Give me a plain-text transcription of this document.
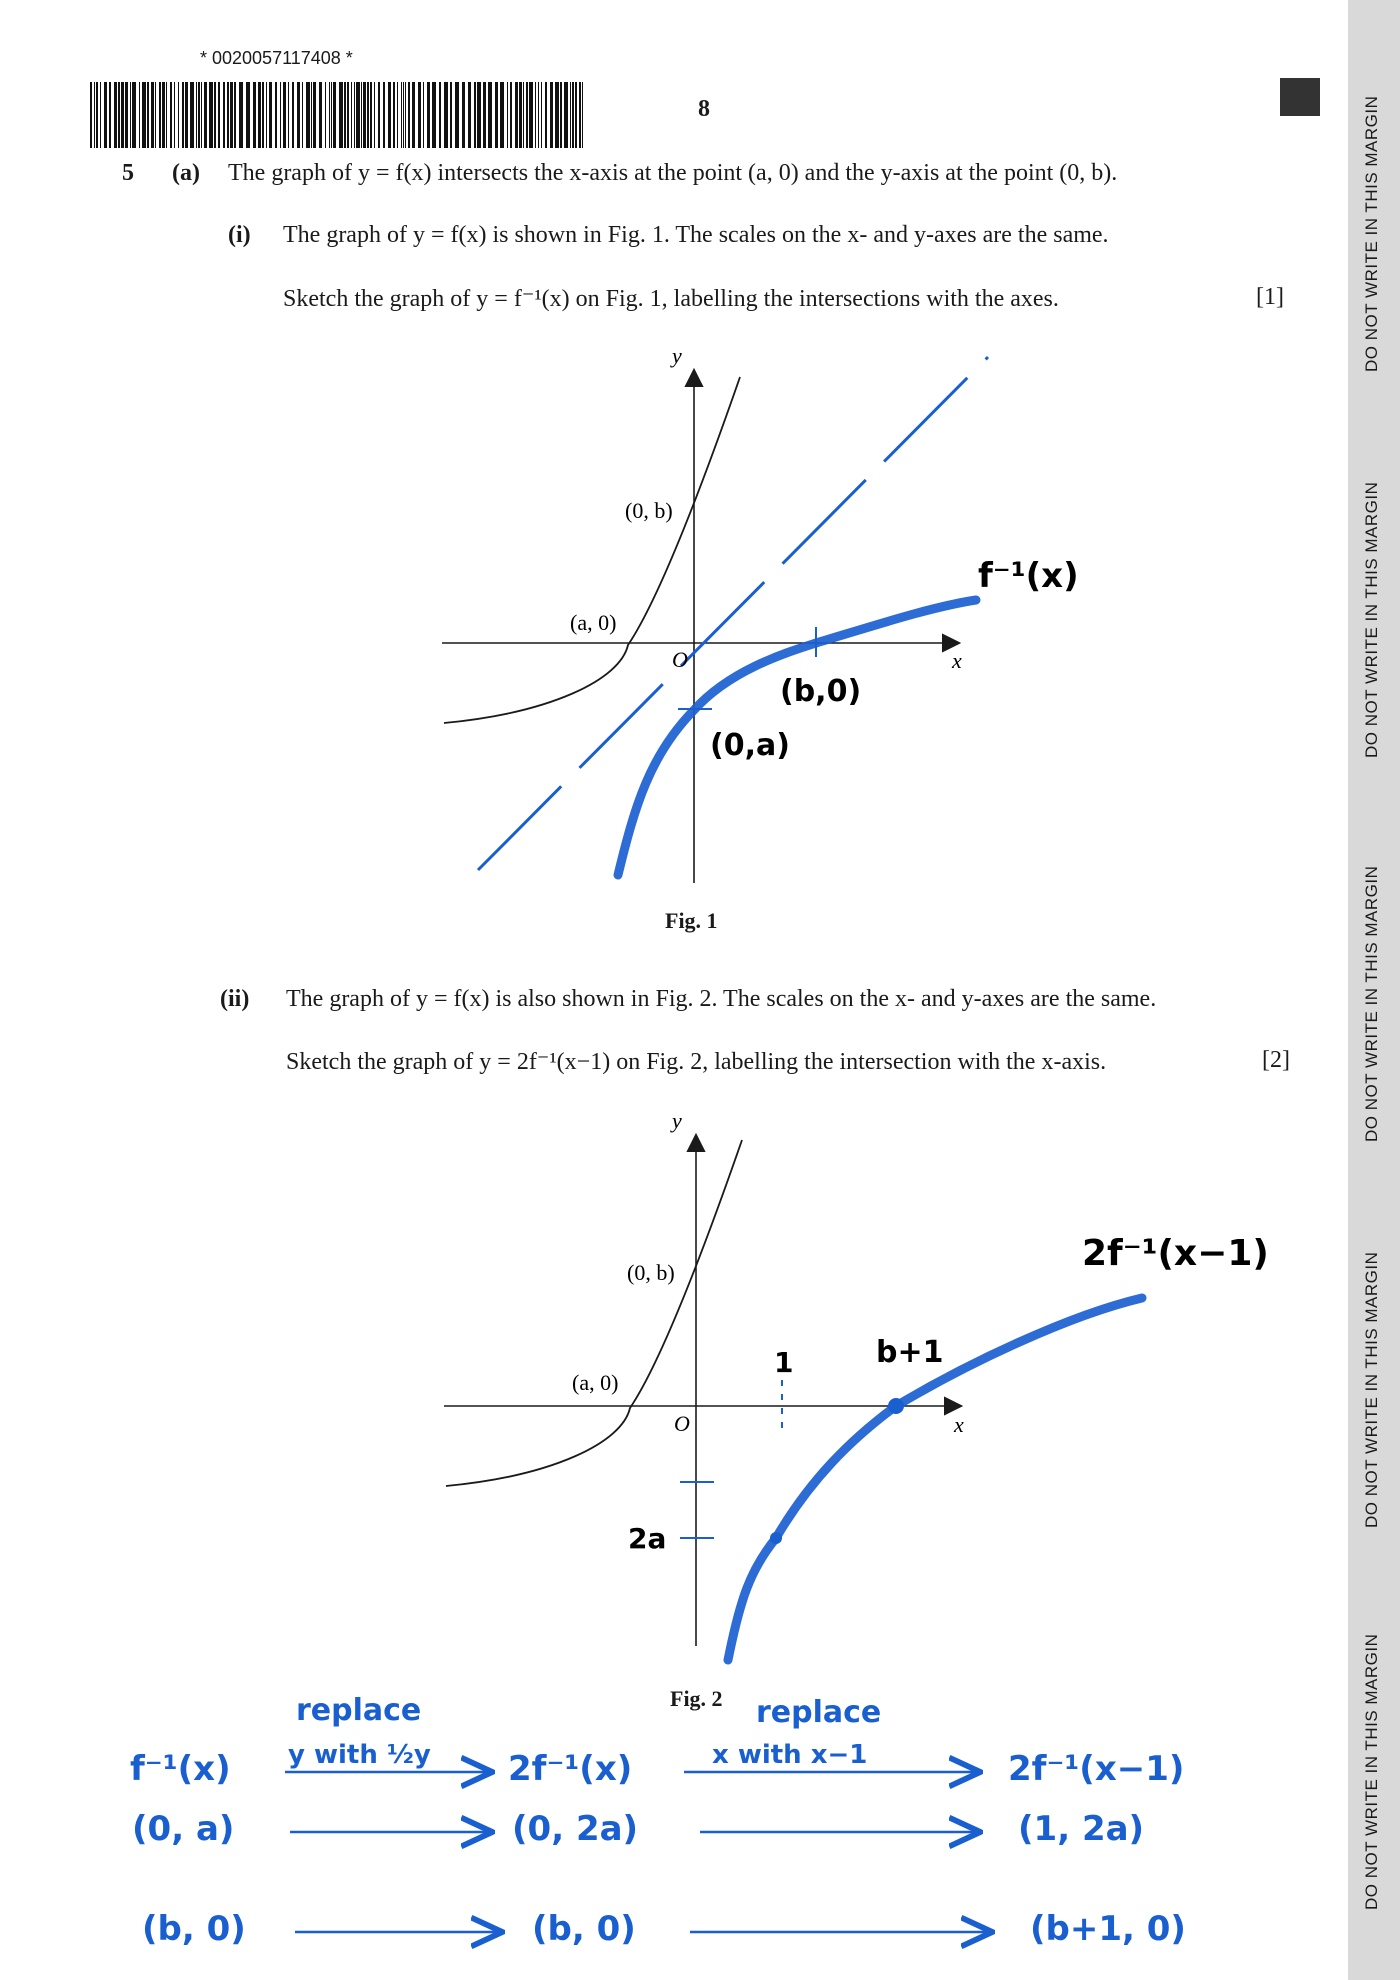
DO NOT WRITE IN THIS MARGIN
DO NOT WRITE IN THIS MARGIN
DO NOT WRITE IN THIS MARGIN
DO NOT WRITE IN THIS MARGIN
DO NOT WRITE IN THIS MARGIN
* 0020057117408 *
8
5 (a) The graph of y = f(x) intersects the x-axis at the point (a, 0) and the y-axis at the point (0, b).
(i) The graph of y = f(x) is shown in Fig. 1. The scales on the x- and y-axes are the same.
Sketch the graph of y = f⁻¹(x) on Fig. 1, labelling the intersections with the axes.	[1]
y
x
O
(a, 0)
(0, b)
f⁻¹(x)
(b,0)
(0,a)
Fig. 1
(ii) The graph of y = f(x) is also shown in Fig. 2. The scales on the x- and y-axes are the same.
Sketch the graph of y = 2f⁻¹(x−1) on Fig. 2, labelling the intersection with the x-axis.	[2]
y
x
O
(a, 0)
(0, b)	2f⁻¹(x−1)
b+1
1
2a
Fig. 2
replace
y with ½y
replace
x with x−1
f⁻¹(x)	2f⁻¹(x)	2f⁻¹(x−1)
(0, a)	(0, 2a)	(1, 2a)
(b, 0)	(b, 0)	(b+1, 0)
